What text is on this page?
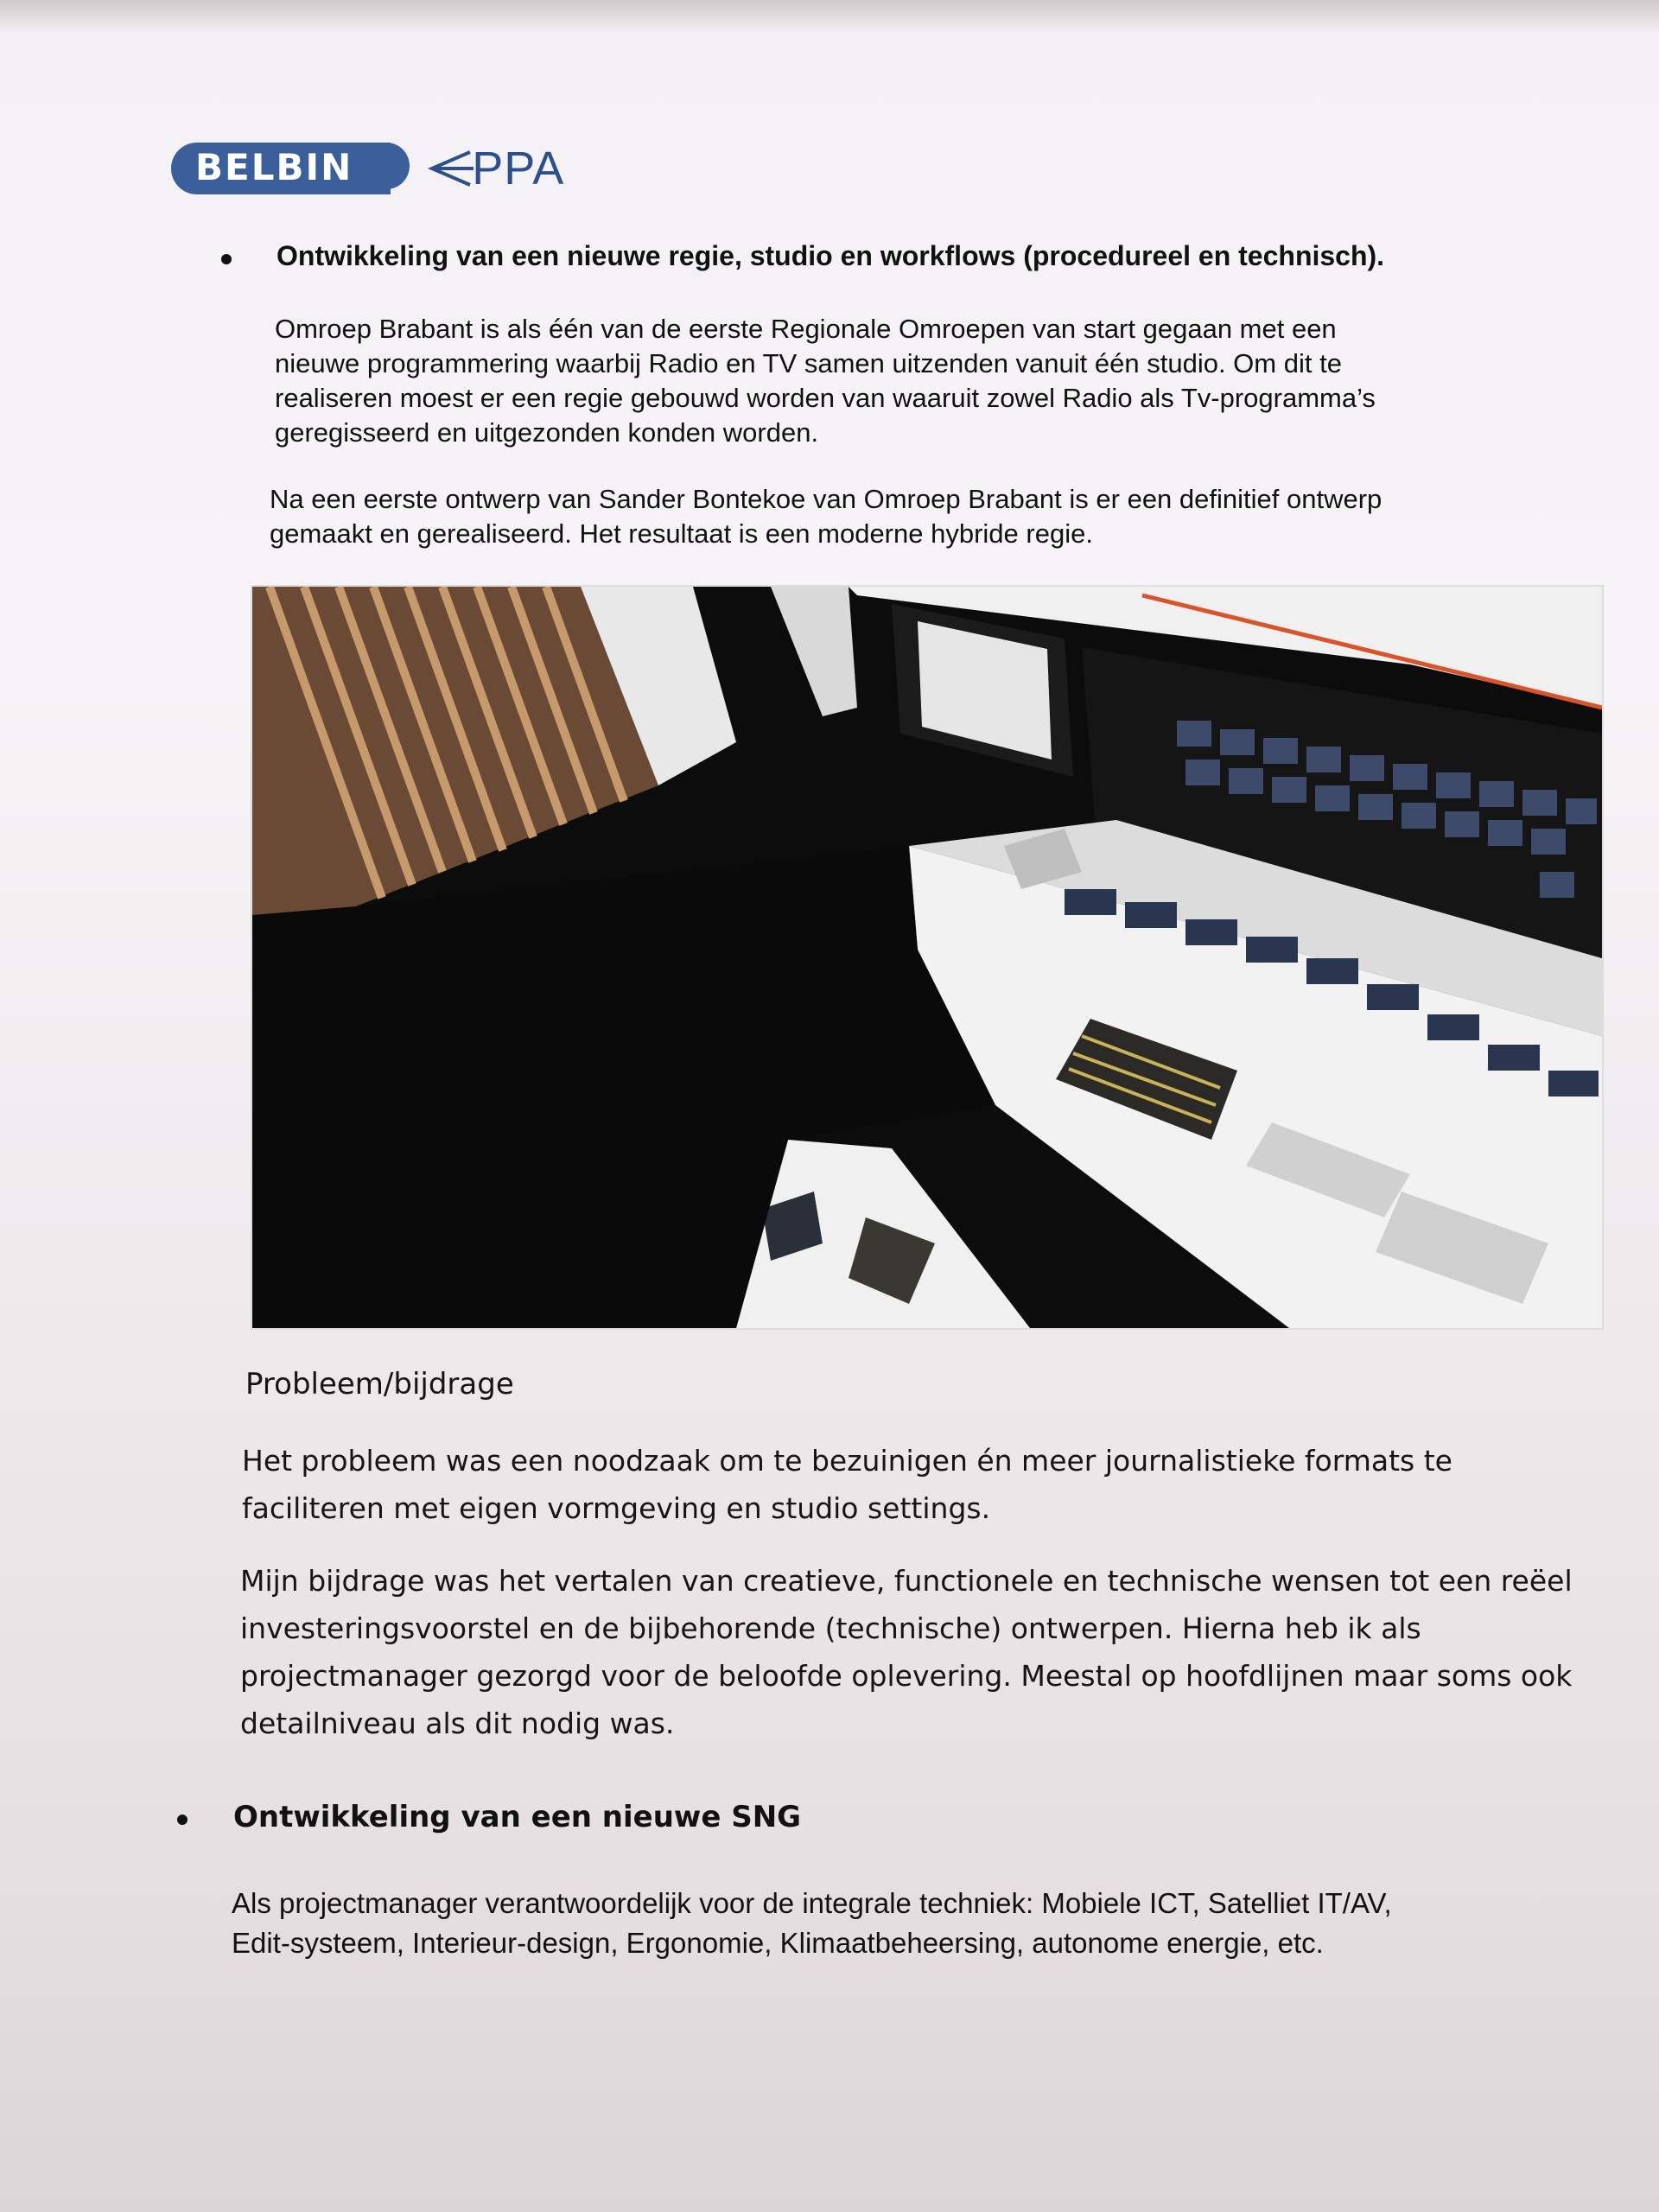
BELBIN	PPA
Ontwikkeling van een nieuwe regie, studio en workflows (procedureel en technisch).
Omroep Brabant is als één van de eerste Regionale Omroepen van start gegaan met een
nieuwe programmering waarbij Radio en TV samen uitzenden vanuit één studio. Om dit te
realiseren moest er een regie gebouwd worden van waaruit zowel Radio als Tv-programma’s
geregisseerd en uitgezonden konden worden.
Na een eerste ontwerp van Sander Bontekoe van Omroep Brabant is er een definitief ontwerp
gemaakt en gerealiseerd. Het resultaat is een moderne hybride regie.
Probleem/bijdrage
Het probleem was een noodzaak om te bezuinigen én meer journalistieke formats te
faciliteren met eigen vormgeving en studio settings.
Mijn bijdrage was het vertalen van creatieve, functionele en technische wensen tot een reëel
investeringsvoorstel en de bijbehorende (technische) ontwerpen. Hierna heb ik als
projectmanager gezorgd voor de beloofde oplevering. Meestal op hoofdlijnen maar soms ook
detailniveau als dit nodig was.
Ontwikkeling van een nieuwe SNG
Als projectmanager verantwoordelijk voor de integrale techniek: Mobiele ICT, Satelliet IT/AV,
Edit-systeem, Interieur-design, Ergonomie, Klimaatbeheersing, autonome energie, etc.
